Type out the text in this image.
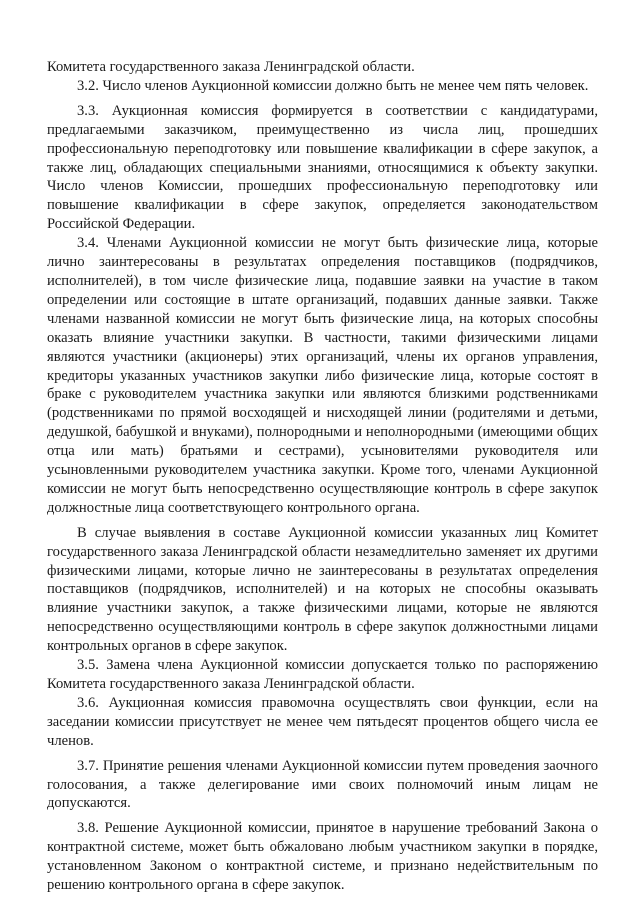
Комитета государственного заказа Ленинградской области.

3.2. Число членов Аукционной комиссии должно быть не менее чем пять человек.

3.3. Аукционная комиссия формируется в соответствии с кандидатурами, предлагаемыми заказчиком, преимущественно из числа лиц, прошедших профессиональную переподготовку или повышение квалификации в сфере закупок, а также лиц, обладающих специальными знаниями, относящимися к объекту закупки. Число членов Комиссии, прошедших профессиональную переподготовку или повышение квалификации в сфере закупок, определяется законодательством Российской Федерации.

3.4. Членами Аукционной комиссии не могут быть физические лица, которые лично заинтересованы в результатах определения поставщиков (подрядчиков, исполнителей), в том числе физические лица, подавшие заявки на участие в таком определении или состоящие в штате организаций, подавших данные заявки. Также членами названной комиссии не могут быть физические лица, на которых способны оказать влияние участники закупки. В частности, такими физическими лицами являются участники (акционеры) этих организаций, члены их органов управления, кредиторы указанных участников закупки либо физические лица, которые состоят в браке с руководителем участника закупки или являются близкими родственниками (родственниками по прямой восходящей и нисходящей линии (родителями и детьми, дедушкой, бабушкой и внуками), полнородными и неполнородными (имеющими общих отца или мать) братьями и сестрами), усыновителями руководителя или усыновленными руководителем участника закупки. Кроме того, членами Аукционной комиссии не могут быть непосредственно осуществляющие контроль в сфере закупок должностные лица соответствующего контрольного органа.

В случае выявления в составе Аукционной комиссии указанных лиц Комитет государственного заказа Ленинградской области незамедлительно заменяет их другими физическими лицами, которые лично не заинтересованы в результатах определения поставщиков (подрядчиков, исполнителей) и на которых не способны оказывать влияние участники закупок, а также физическими лицами, которые не являются непосредственно осуществляющими контроль в сфере закупок должностными лицами контрольных органов в сфере закупок.

3.5. Замена члена Аукционной комиссии допускается только по распоряжению Комитета государственного заказа Ленинградской области.

3.6. Аукционная комиссия правомочна осуществлять свои функции, если на заседании комиссии присутствует не менее чем пятьдесят процентов общего числа ее членов.

3.7. Принятие решения членами Аукционной комиссии путем проведения заочного голосования, а также делегирование ими своих полномочий иным лицам не допускаются.

3.8. Решение Аукционной комиссии, принятое в нарушение требований Закона о контрактной системе, может быть обжаловано любым участником закупки в порядке, установленном Законом о контрактной системе, и признано недействительным по решению контрольного органа в сфере закупок.
